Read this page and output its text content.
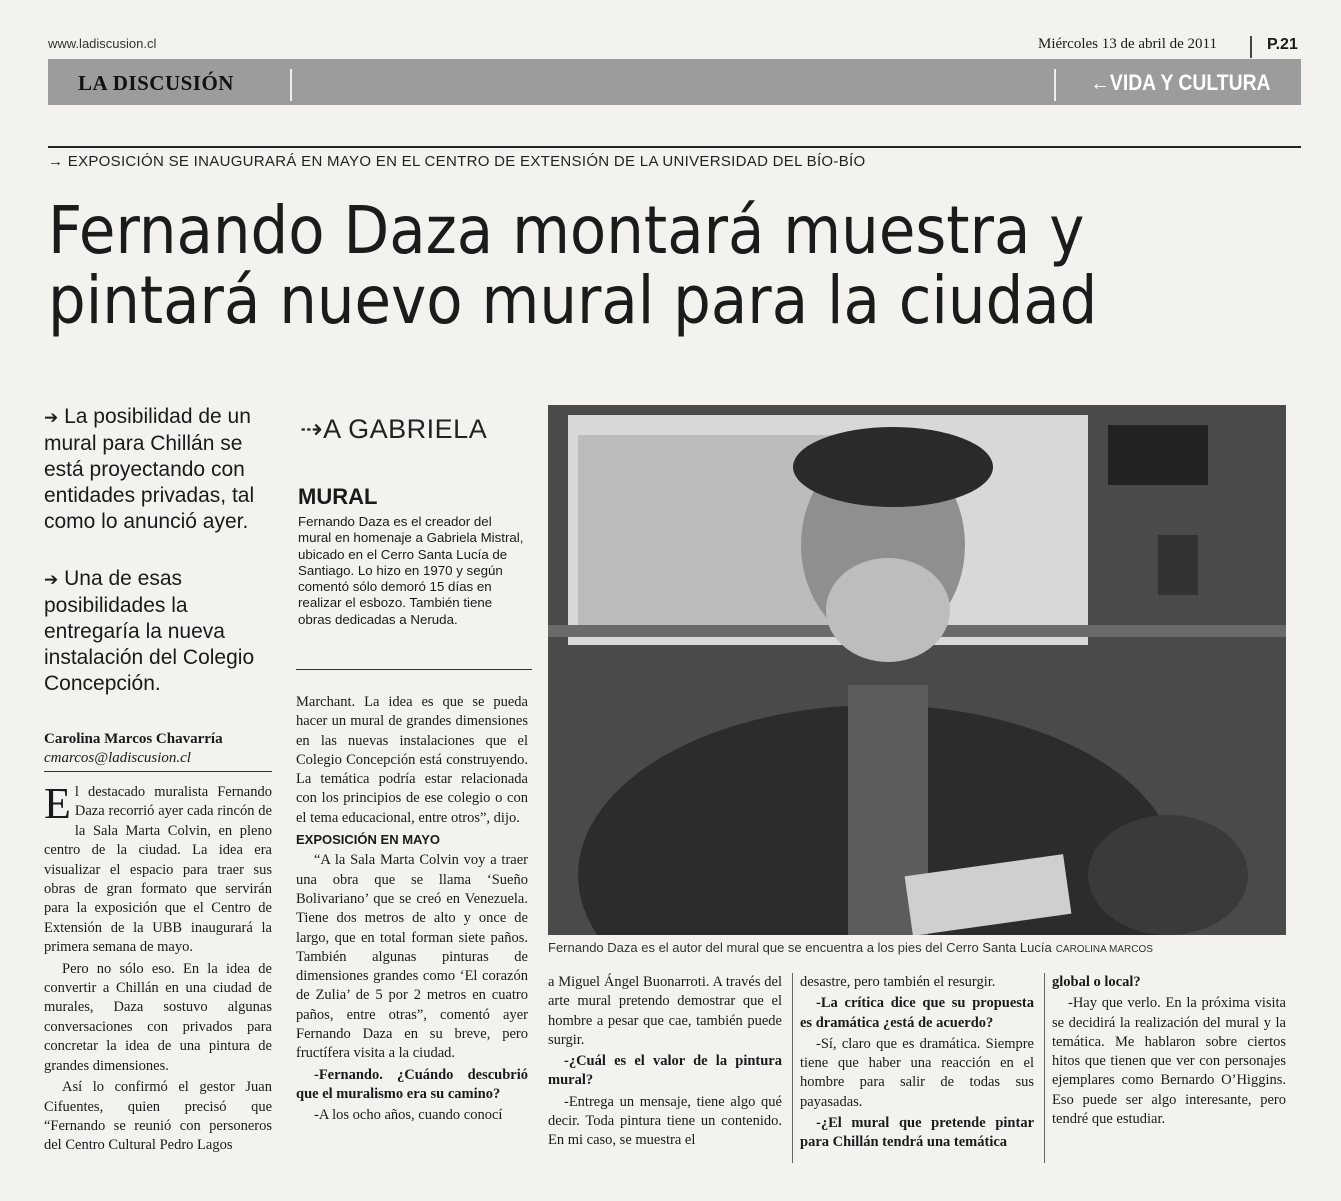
www.ladiscusion.cl	Miércoles 13 de abril de 2011	P.21
LA DISCUSIÓN	←VIDA Y CULTURA
→ EXPOSICIÓN SE INAUGURARÁ EN MAYO EN EL CENTRO DE EXTENSIÓN DE LA UNIVERSIDAD DEL BÍO-BÍO
Fernando Daza montará muestra y
pintará nuevo mural para la ciudad
➔ La posibilidad de un mural para Chillán se está proyectando con entidades privadas, tal como lo anunció ayer.
➔ Una de esas posibilidades la entregaría la nueva instalación del Colegio Concepción.
Carolina Marcos Chavarría
cmarcos@ladiscusion.cl

El destacado muralista Fernando Daza recorrió ayer cada rincón de la Sala Marta Colvin, en pleno centro de la ciudad. La idea era visualizar el espacio para traer sus obras de gran formato que servirán para la exposición que el Centro de Extensión de la UBB inaugurará la primera semana de mayo.

Pero no sólo eso. En la idea de convertir a Chillán en una ciudad de murales, Daza sostuvo algunas conversaciones con privados para concretar la idea de una pintura de grandes dimensiones.

Así lo confirmó el gestor Juan Cifuentes, quien precisó que “Fernando se reunió con personeros del Centro Cultural Pedro Lagos

⇢A GABRIELA
MURAL
Fernando Daza es el creador del mural en homenaje a Gabriela Mistral, ubicado en el Cerro Santa Lucía de Santiago. Lo hizo en 1970 y según comentó sólo demoró 15 días en realizar el esbozo. También tiene obras dedicadas a Neruda.

Marchant. La idea es que se pueda hacer un mural de grandes dimensiones en las nuevas instalaciones que el Colegio Concepción está construyendo. La temática podría estar relacionada con los principios de ese colegio o con el tema educacional, entre otros”, dijo.

EXPOSICIÓN EN MAYO

“A la Sala Marta Colvin voy a traer una obra que se llama ‘Sueño Bolivariano’ que se creó en Venezuela. Tiene dos metros de alto y once de largo, que en total forman siete paños. También algunas pinturas de dimensiones grandes como ‘El corazón de Zulia’ de 5 por 2 metros en cuatro paños, entre otras”, comentó ayer Fernando Daza en su breve, pero fructífera visita a la ciudad.

-Fernando. ¿Cuándo descubrió que el muralismo era su camino?

-A los ocho años, cuando conocí

Fernando Daza es el autor del mural que se encuentra a los pies del Cerro Santa Lucía CAROLINA MARCOS

a Miguel Ángel Buonarroti. A través del arte mural pretendo demostrar que el hombre a pesar que cae, también puede surgir.

-¿Cuál es el valor de la pintura mural?

-Entrega un mensaje, tiene algo qué decir. Toda pintura tiene un contenido. En mi caso, se muestra el

desastre, pero también el resurgir.

-La crítica dice que su propuesta es dramática ¿está de acuerdo?

-Sí, claro que es dramática. Siempre tiene que haber una reacción en el hombre para salir de todas sus payasadas.

-¿El mural que pretende pintar para Chillán tendrá una temática

global o local?

-Hay que verlo. En la próxima visita se decidirá la realización del mural y la temática. Me hablaron sobre ciertos hitos que tienen que ver con personajes ejemplares como Bernardo O’Higgins. Eso puede ser algo interesante, pero tendré que estudiar.
